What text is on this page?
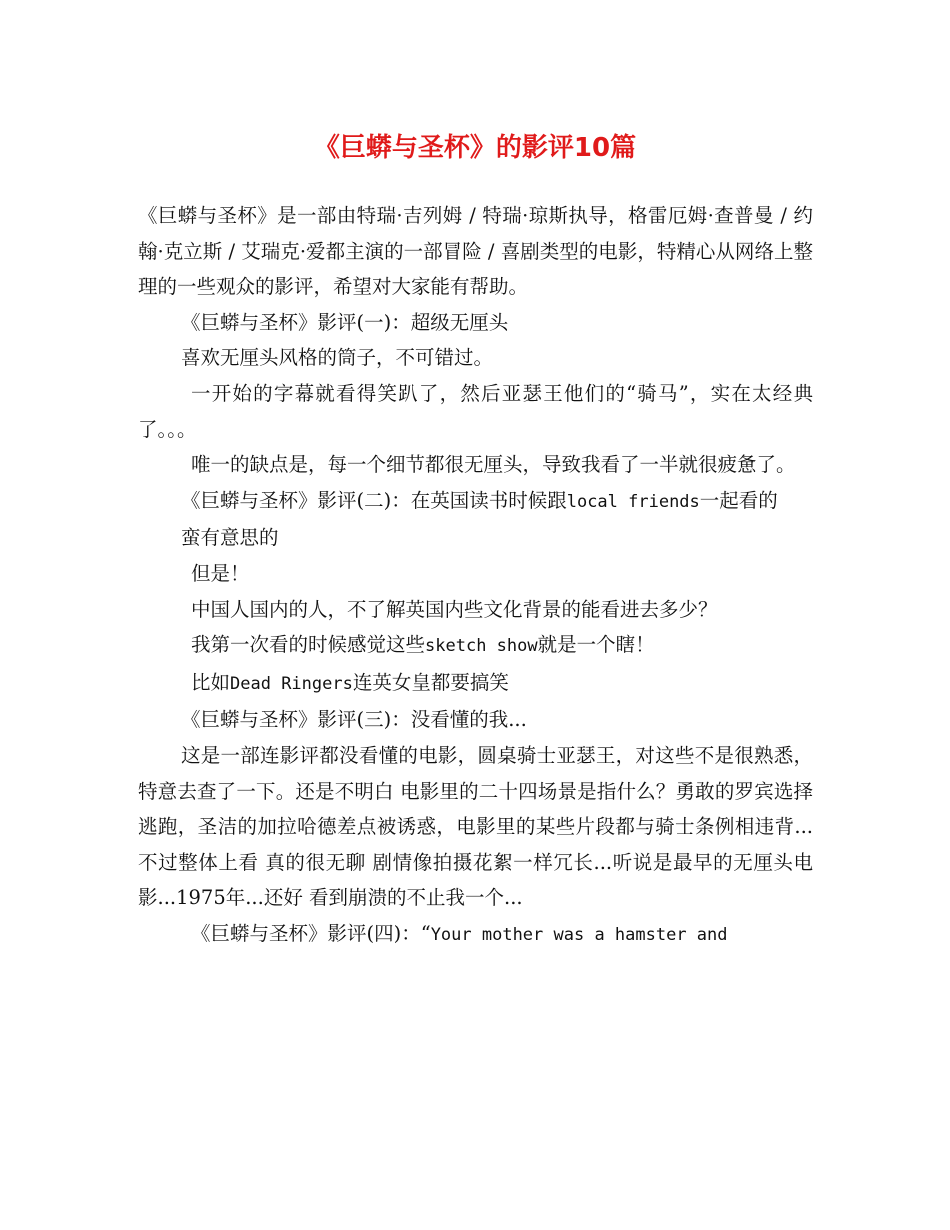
《巨蟒与圣杯》的影评10篇

《巨蟒与圣杯》是一部由特瑞·吉列姆 / 特瑞·琼斯执导，格雷厄姆·查普曼 / 约翰·克立斯 / 艾瑞克·爱都主演的一部冒险 / 喜剧类型的电影，特精心从网络上整理的一些观众的影评，希望对大家能有帮助。

《巨蟒与圣杯》影评(一)：超级无厘头

喜欢无厘头风格的筒子，不可错过。

一开始的字幕就看得笑趴了，然后亚瑟王他们的“骑马”，实在太经典了。。。

唯一的缺点是，每一个细节都很无厘头，导致我看了一半就很疲惫了。

《巨蟒与圣杯》影评(二)：在英国读书时候跟local friends一起看的

蛮有意思的

但是！

中国人国内的人，不了解英国内些文化背景的能看进去多少？

我第一次看的时候感觉这些sketch show就是一个瞎！

比如Dead Ringers连英女皇都要搞笑

《巨蟒与圣杯》影评(三)：没看懂的我...

这是一部连影评都没看懂的电影，圆桌骑士亚瑟王，对这些不是很熟悉，特意去查了一下。还是不明白 电影里的二十四场景是指什么？勇敢的罗宾选择逃跑，圣洁的加拉哈德差点被诱惑，电影里的某些片段都与骑士条例相违背...不过整体上看 真的很无聊 剧情像拍摄花絮一样冗长...听说是最早的无厘头电影...1975年...还好 看到崩溃的不止我一个...

《巨蟒与圣杯》影评(四)：“Your mother was a hamster and
